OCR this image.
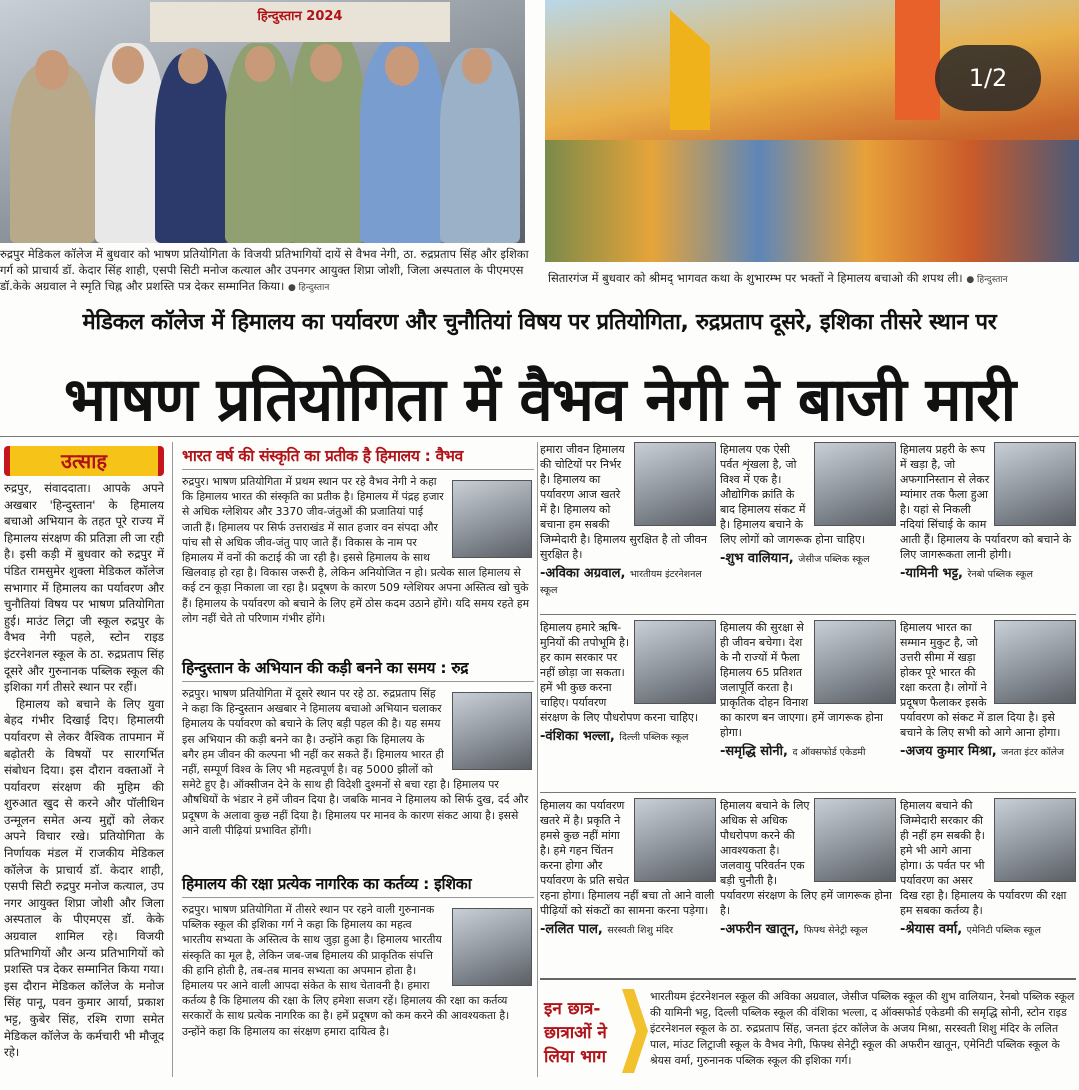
हिन्दुस्तान 2024
रुद्रपुर मेडिकल कॉलेज में बुधवार को भाषण प्रतियोगिता के विजयी प्रतिभागियों दायें से वैभव नेगी, ठा. रुद्रप्रताप सिंह और इशिका गर्ग को प्राचार्य डॉ. केदार सिंह शाही, एसपी सिटी मनोज कत्याल और उपनगर आयुक्त शिप्रा जोशी, जिला अस्पताल के पीएमएस डॉ.केके अग्रवाल ने स्मृति चिह्न और प्रशस्ति पत्र देकर सम्मानित किया। ● हिन्दुस्तान
1/2
सितारगंज में बुधवार को श्रीमद् भागवत कथा के शुभारम्भ पर भक्तों ने हिमालय बचाओ की शपथ ली। ● हिन्दुस्तान
मेडिकल कॉलेज में हिमालय का पर्यावरण और चुनौतियां विषय पर प्रतियोगिता, रुद्रप्रताप दूसरे, इशिका तीसरे स्थान पर
भाषण प्रतियोगिता में वैभव नेगी ने बाजी मारी
उत्साह

रुद्रपुर, संवाददाता। आपके अपने अखबार 'हिन्दुस्तान' के हिमालय बचाओ अभियान के तहत पूरे राज्य में हिमालय संरक्षण की प्रतिज्ञा ली जा रही है। इसी कड़ी में बुधवार को रुद्रपुर में पंडित रामसुमेर शुक्ला मेडिकल कॉलेज सभागार में हिमालय का पर्यावरण और चुनौतियां विषय पर भाषण प्रतियोगिता हुई। माउंट लिट्रा जी स्कूल रुद्रपुर के वैभव नेगी पहले, स्टोन राइड इंटरनेशनल स्कूल के ठा. रुद्रप्रताप सिंह दूसरे और गुरुनानक पब्लिक स्कूल की इशिका गर्ग तीसरे स्थान पर रहीं।

हिमालय को बचाने के लिए युवा बेहद गंभीर दिखाई दिए। हिमालयी पर्यावरण से लेकर वैश्विक तापमान में बढ़ोतरी के विषयों पर सारगर्भित संबोधन दिया। इस दौरान वक्ताओं ने पर्यावरण संरक्षण की मुहिम की शुरुआत खुद से करने और पॉलीथिन उन्मूलन समेत अन्य मुद्दों को लेकर अपने विचार रखे। प्रतियोगिता के निर्णायक मंडल में राजकीय मेडिकल कॉलेज के प्राचार्य डॉ. केदार शाही, एसपी सिटी रुद्रपुर मनोज कत्याल, उप नगर आयुक्त शिप्रा जोशी और जिला अस्पताल के पीएमएस डॉ. केके अग्रवाल शामिल रहे। विजयी प्रतिभागियों और अन्य प्रतिभागियों को प्रशस्ति पत्र देकर सम्मानित किया गया। इस दौरान मेडिकल कॉलेज के मनोज सिंह पानू, पवन कुमार आर्या, प्रकाश भट्ट, कुबेर सिंह, रश्मि राणा समेत मेडिकल कॉलेज के कर्मचारी भी मौजूद रहे।

भारत वर्ष की संस्कृति का प्रतीक है हिमालय : वैभव

रुद्रपुर। भाषण प्रतियोगिता में प्रथम स्थान पर रहे वैभव नेगी ने कहा कि हिमालय भारत की संस्कृति का प्रतीक है। हिमालय में पंद्रह हजार से अधिक ग्लेशियर और 3370 जीव-जंतुओं की प्रजातियां पाई जाती हैं। हिमालय पर सिर्फ उत्तराखंड में सात हजार वन संपदा और पांच सौ से अधिक जीव-जंतु पाए जाते हैं। विकास के नाम पर हिमालय में वनों की कटाई की जा रही है। इससे हिमालय के साथ खिलवाड़ हो रहा है। विकास जरूरी है, लेकिन अनियोजित न हो। प्रत्येक साल हिमालय से कई टन कूड़ा निकाला जा रहा है। प्रदूषण के कारण 509 ग्लेशियर अपना अस्तित्व खो चुके हैं। हिमालय के पर्यावरण को बचाने के लिए हमें ठोस कदम उठाने होंगे। यदि समय रहते हम लोग नहीं चेते तो परिणाम गंभीर होंगे।

हिन्दुस्तान के अभियान की कड़ी बनने का समय : रुद्र

रुद्रपुर। भाषण प्रतियोगिता में दूसरे स्थान पर रहे ठा. रुद्रप्रताप सिंह ने कहा कि हिन्दुस्तान अखबार ने हिमालय बचाओ अभियान चलाकर हिमालय के पर्यावरण को बचाने के लिए बड़ी पहल की है। यह समय इस अभियान की कड़ी बनने का है। उन्होंने कहा कि हिमालय के बगैर हम जीवन की कल्पना भी नहीं कर सकते हैं। हिमालय भारत ही नहीं, सम्पूर्ण विश्व के लिए भी महत्वपूर्ण है। वह 5000 झीलों को समेटे हुए है। ऑक्सीजन देने के साथ ही विदेशी दुश्मनों से बचा रहा है। हिमालय पर औषधियों के भंडार ने हमें जीवन दिया है। जबकि मानव ने हिमालय को सिर्फ दुख, दर्द और प्रदूषण के अलावा कुछ नहीं दिया है। हिमालय पर मानव के कारण संकट आया है। इससे आने वाली पीढ़ियां प्रभावित होंगी।

हिमालय की रक्षा प्रत्येक नागरिक का कर्तव्य : इशिका

रुद्रपुर। भाषण प्रतियोगिता में तीसरे स्थान पर रहने वाली गुरुनानक पब्लिक स्कूल की इशिका गर्ग ने कहा कि हिमालय का महत्व भारतीय सभ्यता के अस्तित्व के साथ जुड़ा हुआ है। हिमालय भारतीय संस्कृति का मूल है, लेकिन जब-जब हिमालय की प्राकृतिक संपत्ति की हानि होती है, तब-तब मानव सभ्यता का अपमान होता है। हिमालय पर आने वाली आपदा संकेत के साथ चेतावनी है। हमारा कर्तव्य है कि हिमालय की रक्षा के लिए हमेशा सजग रहें। हिमालय की रक्षा का कर्तव्य सरकारों के साथ प्रत्येक नागरिक का है। हमें प्रदूषण को कम करने की आवश्यकता है। उन्होंने कहा कि हिमालय का संरक्षण हमारा दायित्व है।

हमारा जीवन हिमालय की चोटियों पर निर्भर है। हिमालय का पर्यावरण आज खतरे में है। हिमालय को बचाना हम सबकी जिम्मेदारी है। हिमालय सुरक्षित है तो जीवन सुरक्षित है।
-अविका अग्रवाल, भारतीयम इंटरनेशनल स्कूल
हिमालय एक ऐसी पर्वत शृंखला है, जो विश्व में एक है। औद्योगिक क्रांति के बाद हिमालय संकट में है। हिमालय बचाने के लिए लोगों को जागरूक होना चाहिए।
-शुभ वालियान, जेसीज पब्लिक स्कूल
हिमालय प्रहरी के रूप में खड़ा है, जो अफगानिस्तान से लेकर म्यांमार तक फैला हुआ है। यहां से निकली नदियां सिंचाई के काम आती हैं। हिमालय के पर्यावरण को बचाने के लिए जागरूकता लानी होगी।
-यामिनी भट्ट, रेनबो पब्लिक स्कूल
हिमालय हमारे ऋषि-मुनियों की तपोभूमि है। हर काम सरकार पर नहीं छोड़ा जा सकता। हमें भी कुछ करना चाहिए। पर्यावरण संरक्षण के लिए पौधरोपण करना चाहिए।
-वंशिका भल्ला, दिल्ली पब्लिक स्कूल
हिमालय की सुरक्षा से ही जीवन बचेगा। देश के नौ राज्यों में फैला हिमालय 65 प्रतिशत जलापूर्ति करता है। प्राकृतिक दोहन विनाश का कारण बन जाएगा। हमें जागरूक होना होगा।
-समृद्धि सोनी, द ऑक्सफोर्ड एकेडमी
हिमालय भारत का सम्मान मुकुट है, जो उत्तरी सीमा में खड़ा होकर पूरे भारत की रक्षा करता है। लोगों ने प्रदूषण फैलाकर इसके पर्यावरण को संकट में डाल दिया है। इसे बचाने के लिए सभी को आगे आना होगा।
-अजय कुमार मिश्रा, जनता इंटर कॉलेज
हिमालय का पर्यावरण खतरे में है। प्रकृति ने हमसे कुछ नहीं मांगा है। हमे गहन चिंतन करना होगा और पर्यावरण के प्रति सचेत रहना होगा। हिमालय नहीं बचा तो आने वाली पीढ़ियों को संकटों का सामना करना पड़ेगा।
-ललित पाल, सरस्वती शिशु मंदिर
हिमालय बचाने के लिए अधिक से अधिक पौधरोपण करने की आवश्यकता है। जलवायु परिवर्तन एक बड़ी चुनौती है। पर्यावरण संरक्षण के लिए हमें जागरूक होना है।
-अफरीन खातून, फिफ्थ सेनेट्री स्कूल
हिमालय बचाने की जिम्मेदारी सरकार की ही नहीं हम सबकी है। हमे भी आगे आना होगा। ऊं पर्वत पर भी पर्यावरण का असर दिख रहा है। हिमालय के पर्यावरण की रक्षा हम सबका कर्तव्य है।
-श्रेयास वर्मा, एमेनिटी पब्लिक स्कूल
इन छात्र-छात्राओं ने लिया भाग
भारतीयम इंटरनेशनल स्कूल की अविका अग्रवाल, जेसीज पब्लिक स्कूल की शुभ वालियान, रेनबो पब्लिक स्कूल की यामिनी भट्ट, दिल्ली पब्लिक स्कूल की वंशिका भल्ला, द ऑक्सफोर्ड एकेडमी की समृद्धि सोनी, स्टोन राइड इंटरनेशनल स्कूल के ठा. रुद्रप्रताप सिंह, जनता इंटर कॉलेज के अजय मिश्रा, सरस्वती शिशु मंदिर के ललित पाल, मांउट लिट्राजी स्कूल के वैभव नेगी, फिफ्थ सेनेट्री स्कूल की अफरीन खातून, एमेनिटी पब्लिक स्कूल के श्रेयस वर्मा, गुरुनानक पब्लिक स्कूल की इशिका गर्ग।
